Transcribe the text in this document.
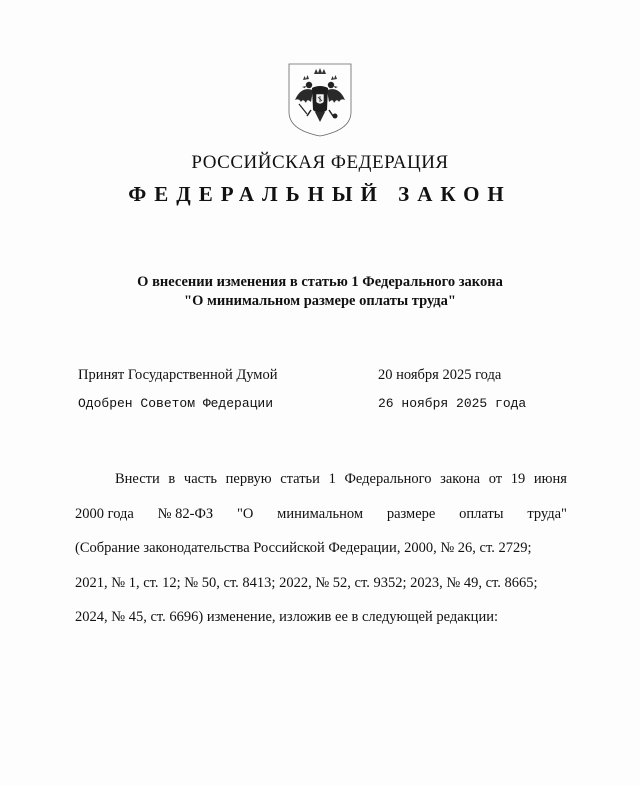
РОССИЙСКАЯ ФЕДЕРАЦИЯ
ФЕДЕРАЛЬНЫЙ ЗАКОН
О внесении изменения в статью 1 Федерального закона
"О минимальном размере оплаты труда"
Принят Государственной Думой	20 ноября 2025 года
Одобрен Советом Федерации	26 ноября 2025 года
Внести в часть первую статьи 1 Федерального закона от 19 июня
2000 года № 82-ФЗ "О минимальном размере оплаты труда"
(Собрание законодательства Российской Федерации, 2000, № 26, ст. 2729;
2021, № 1, ст. 12; № 50, ст. 8413; 2022, № 52, ст. 9352; 2023, № 49, ст. 8665;
2024, № 45, ст. 6696) изменение, изложив ее в следующей редакции:
